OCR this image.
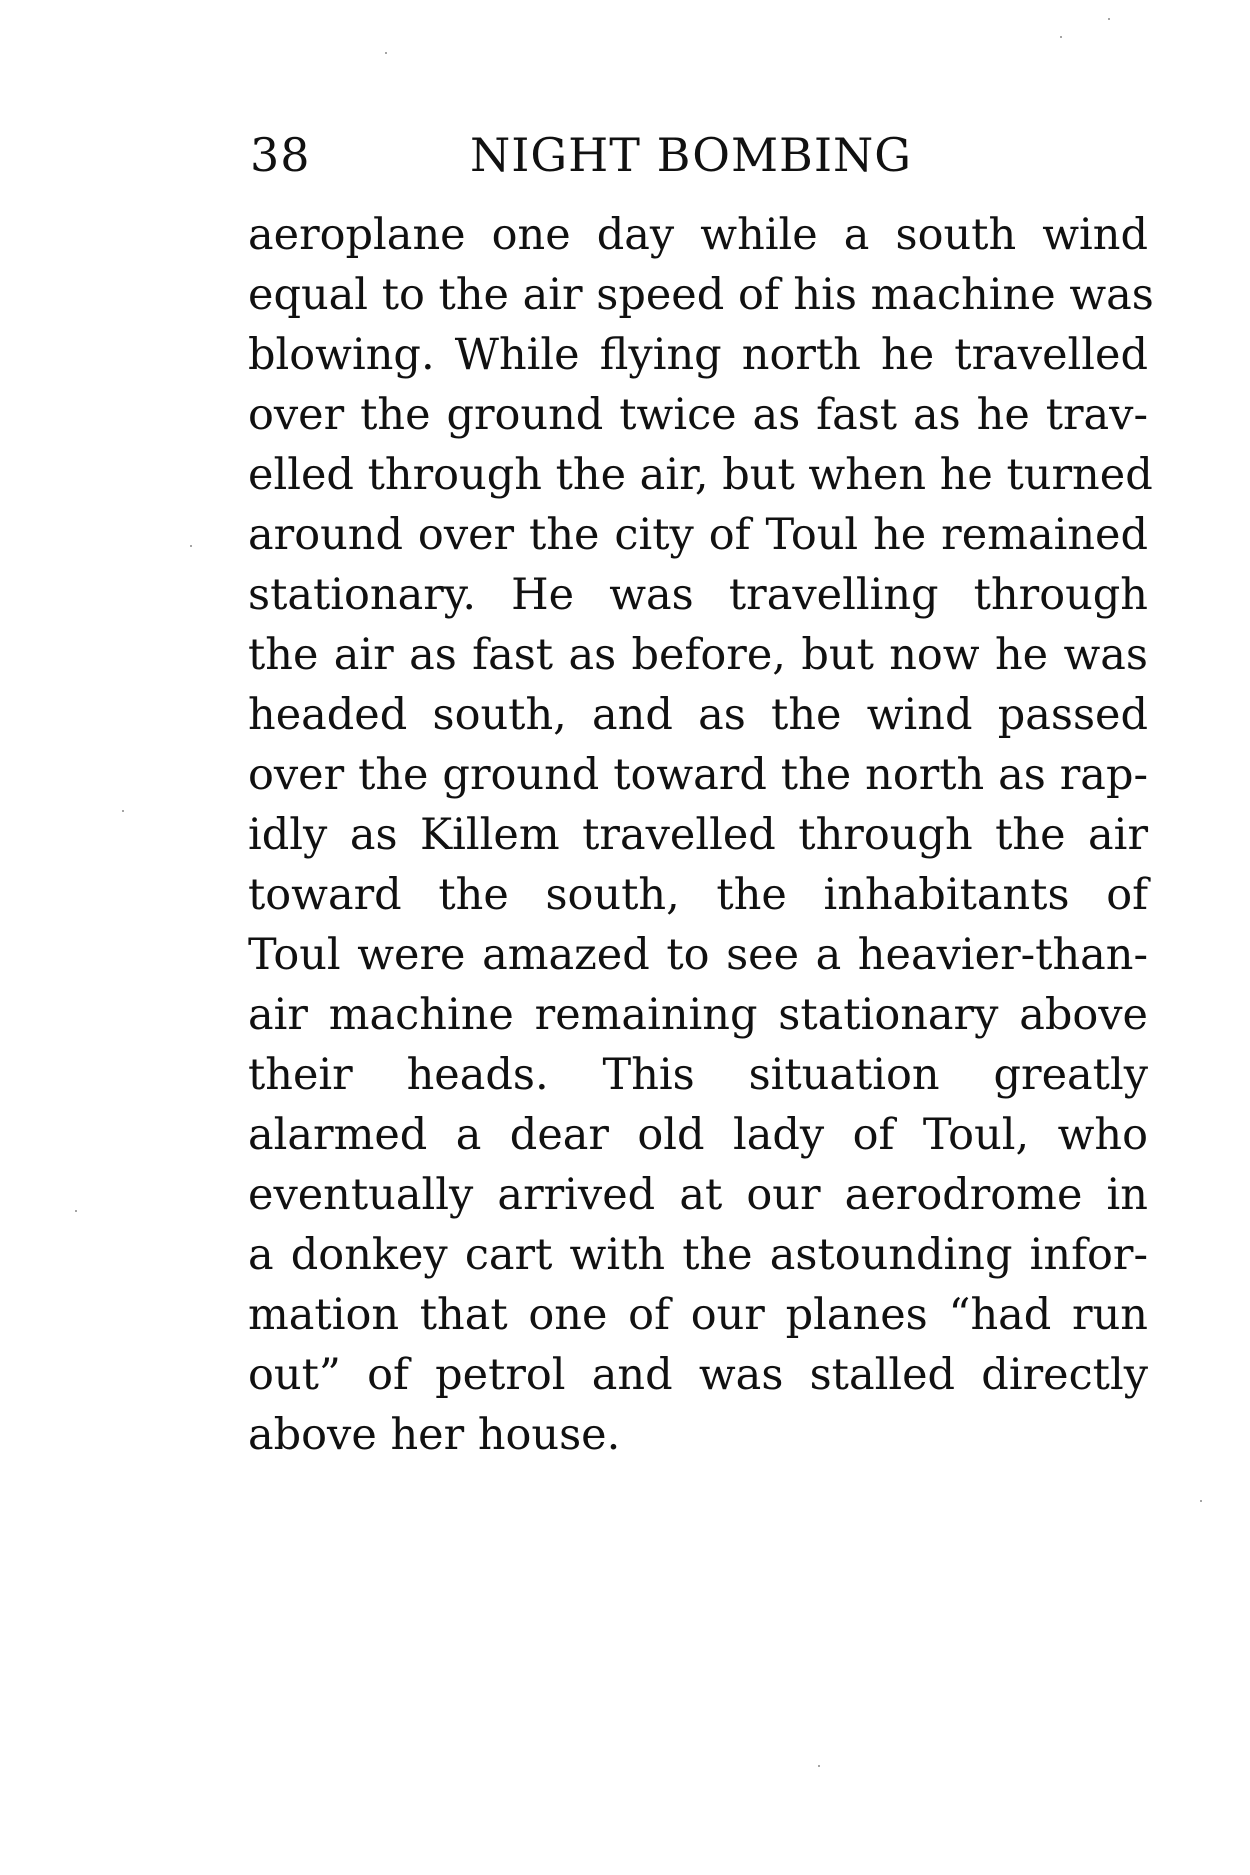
38	NIGHT BOMBING
aeroplane one day while a south wind
equal to the air speed of his machine was
blowing. While flying north he travelled
over the ground twice as fast as he trav-
elled through the air, but when he turned
around over the city of Toul he remained
stationary. He was travelling through
the air as fast as before, but now he was
headed south, and as the wind passed
over the ground toward the north as rap-
idly as Killem travelled through the air
toward the south, the inhabitants of
Toul were amazed to see a heavier-than-
air machine remaining stationary above
their heads. This situation greatly
alarmed a dear old lady of Toul, who
eventually arrived at our aerodrome in
a donkey cart with the astounding infor-
mation that one of our planes “had run
out” of petrol and was stalled directly
above her house.
